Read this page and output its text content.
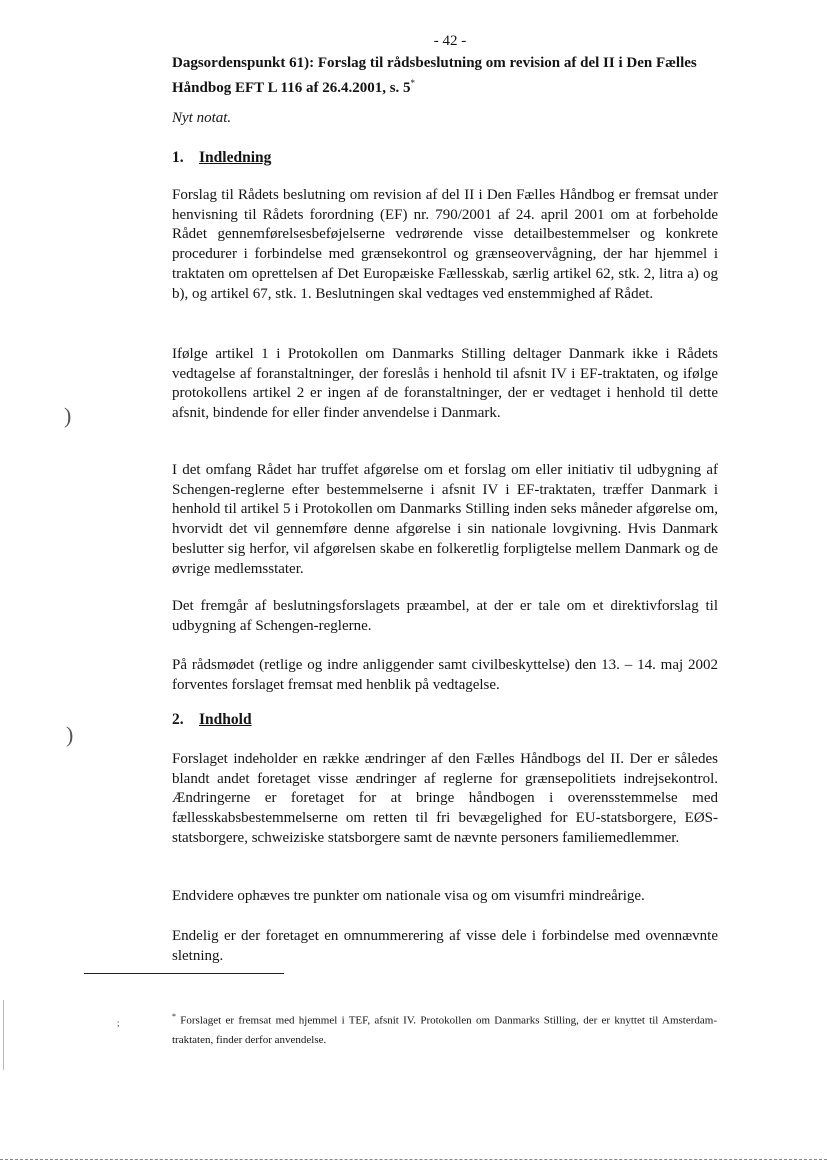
- 42 -
Dagsordenspunkt 61): Forslag til rådsbeslutning om revision af del II i Den Fælles Håndbog EFT L 116 af 26.4.2001, s. 5*
Nyt notat.
1. Indledning

Forslag til Rådets beslutning om revision af del II i Den Fælles Håndbog er fremsat under henvisning til Rådets forordning (EF) nr. 790/2001 af 24. april 2001 om at forbeholde Rådet gennemførelsesbeføjelserne vedrørende visse detailbestemmelser og konkrete procedurer i forbindelse med grænsekontrol og grænseovervågning, der har hjemmel i traktaten om oprettelsen af Det Europæiske Fællesskab, særlig artikel 62, stk. 2, litra a) og b), og artikel 67, stk. 1. Beslutningen skal vedtages ved enstemmighed af Rådet.

Ifølge artikel 1 i Protokollen om Danmarks Stilling deltager Danmark ikke i Rådets vedtagelse af foranstaltninger, der foreslås i henhold til afsnit IV i EF-traktaten, og ifølge protokollens artikel 2 er ingen af de foranstaltninger, der er vedtaget i henhold til dette afsnit, bindende for eller finder anvendelse i Danmark.

I det omfang Rådet har truffet afgørelse om et forslag om eller initiativ til udbygning af Schengen-reglerne efter bestemmelserne i afsnit IV i EF-traktaten, træffer Danmark i henhold til artikel 5 i Protokollen om Danmarks Stilling inden seks måneder afgørelse om, hvorvidt det vil gennemføre denne afgørelse i sin nationale lovgivning. Hvis Danmark beslutter sig herfor, vil afgørelsen skabe en folkeretlig forpligtelse mellem Danmark og de øvrige medlemsstater.

Det fremgår af beslutningsforslagets præambel, at der er tale om et direktivforslag til udbygning af Schengen-reglerne.

På rådsmødet (retlige og indre anliggender samt civilbeskyttelse) den 13. – 14. maj 2002 forventes forslaget fremsat med henblik på vedtagelse.

2. Indhold

Forslaget indeholder en række ændringer af den Fælles Håndbogs del II. Der er således blandt andet foretaget visse ændringer af reglerne for grænsepolitiets indrejsekontrol. Ændringerne er foretaget for at bringe håndbogen i overensstemmelse med fællesskabsbestemmelserne om retten til fri bevægelighed for EU-statsborgere, EØS-statsborgere, schweiziske statsborgere samt de nævnte personers familiemedlemmer.

Endvidere ophæves tre punkter om nationale visa og om visumfri mindreårige.

Endelig er der foretaget en omnummerering af visse dele i forbindelse med ovennævnte sletning.

* Forslaget er fremsat med hjemmel i TEF, afsnit IV. Protokollen om Danmarks Stilling, der er knyttet til Amsterdam-traktaten, finder derfor anvendelse.
)
)
;
